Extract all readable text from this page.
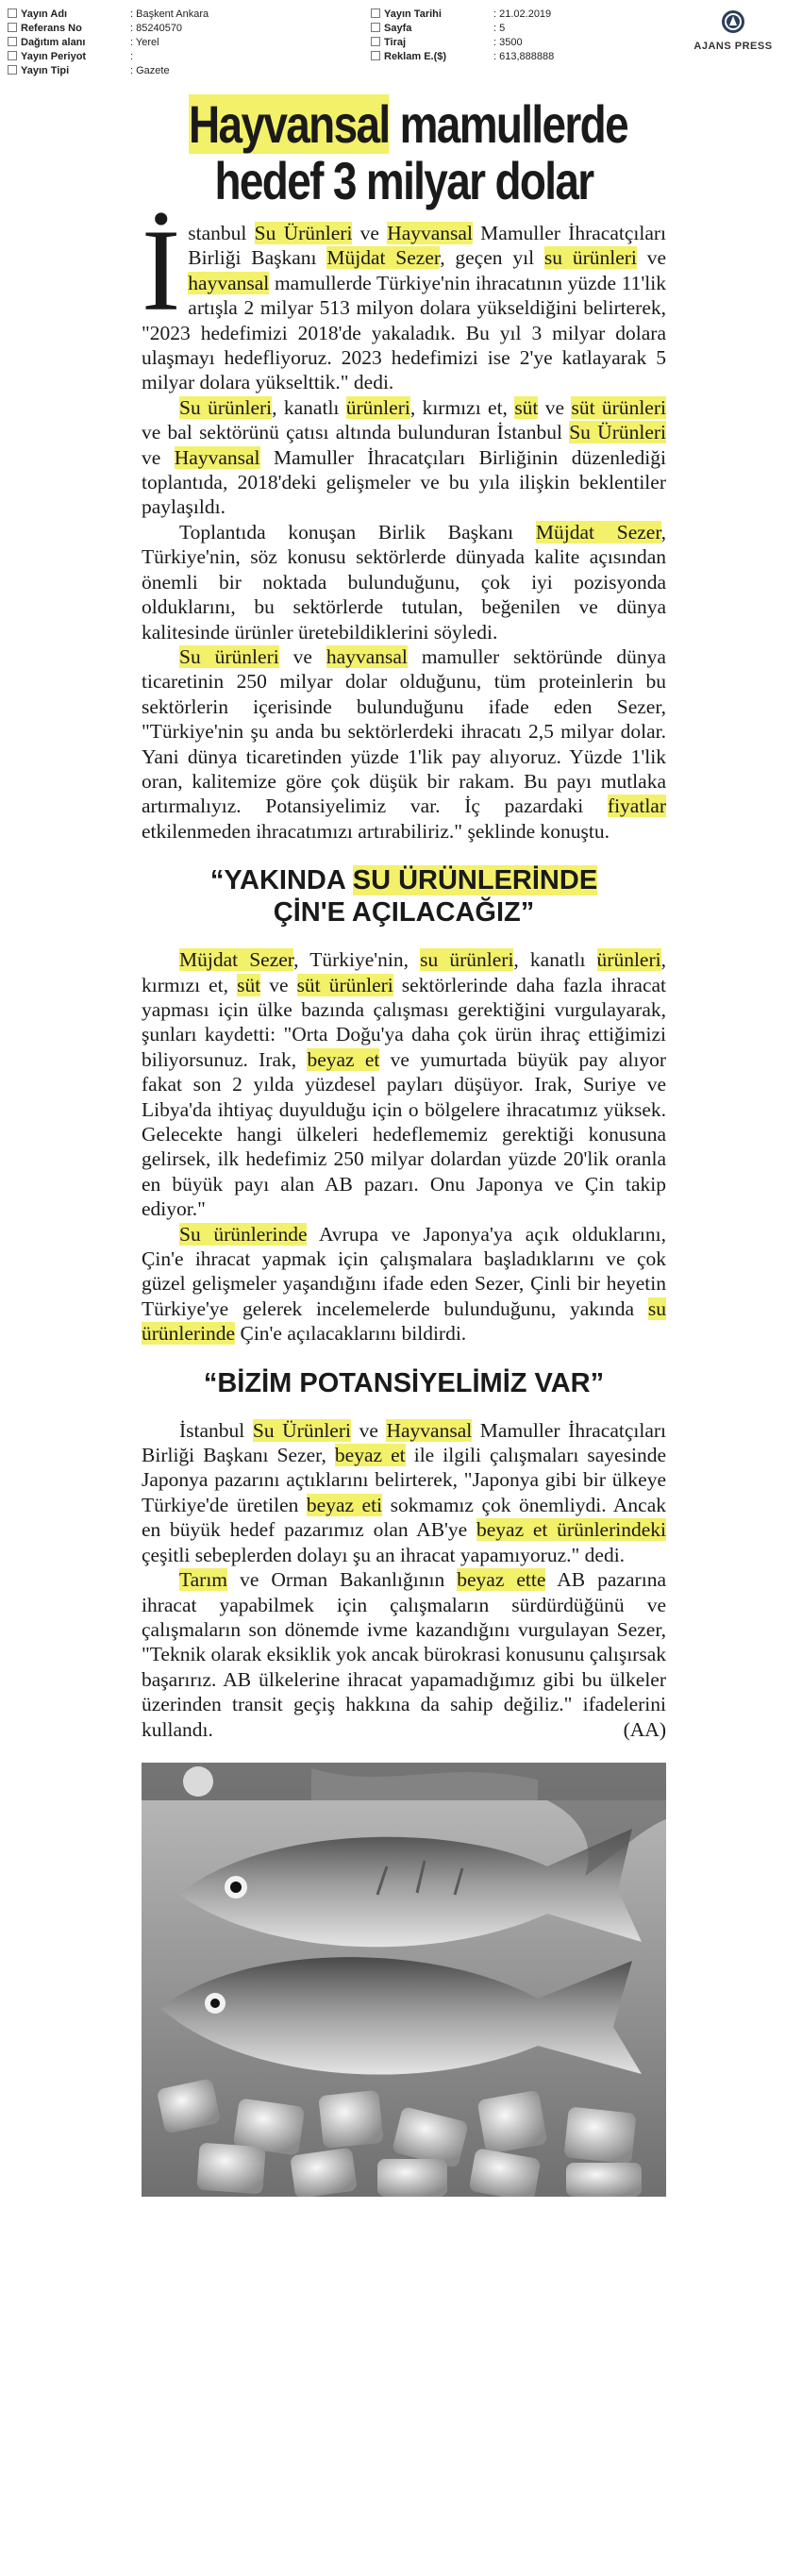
Yayın Adı	: Başkent Ankara
Referans No	: 85240570
Dağıtım alanı	: Yerel
Yayın Periyot	:
Yayın Tipi	: Gazete
Yayın Tarihi	: 21.02.2019
Sayfa	: 5
Tiraj	: 3500
Reklam E.($)	: 613,888888
AJANS PRESS
Hayvansal mamullerde
hedef 3 milyar dolar

İstanbul Su Ürünleri ve Hayvansal Mamuller İhracatçıları Birliği Başkanı Müjdat Sezer, geçen yıl su ürünleri ve hayvansal mamullerde Türkiye'nin ihracatının yüzde 11'lik artışla 2 milyar 513 milyon dolara yükseldiğini belirterek, "2023 hedefimizi 2018'de yakaladık. Bu yıl 3 milyar dolara ulaşmayı hedefliyoruz. 2023 hedefimizi ise 2'ye katlayarak 5 milyar dolara yükselttik." dedi.

Su ürünleri, kanatlı ürünleri, kırmızı et, süt ve süt ürünleri ve bal sektörünü çatısı altında bulunduran İstanbul Su Ürünleri ve Hayvansal Mamuller İhracatçıları Birliğinin düzenlediği toplantıda, 2018'deki gelişmeler ve bu yıla ilişkin beklentiler paylaşıldı.

Toplantıda konuşan Birlik Başkanı Müjdat Sezer, Türkiye'nin, söz konusu sektörlerde dünyada kalite açısından önemli bir noktada bulunduğunu, çok iyi pozisyonda olduklarını, bu sektörlerde tutulan, beğenilen ve dünya kalitesinde ürünler üretebildiklerini söyledi.

Su ürünleri ve hayvansal mamuller sektöründe dünya ticaretinin 250 milyar dolar olduğunu, tüm proteinlerin bu sektörlerin içerisinde bulunduğunu ifade eden Sezer, "Türkiye'nin şu anda bu sektörlerdeki ihracatı 2,5 milyar dolar. Yani dünya ticaretinden yüzde 1'lik pay alıyoruz. Yüzde 1'lik oran, kalitemize göre çok düşük bir rakam. Bu payı mutlaka artırmalıyız. Potansiyelimiz var. İç pazardaki fiyatlar etkilenmeden ihracatımızı artırabiliriz." şeklinde konuştu.

“YAKINDA SU ÜRÜNLERİNDE
ÇİN'E AÇILACAĞIZ”

Müjdat Sezer, Türkiye'nin, su ürünleri, kanatlı ürünleri, kırmızı et, süt ve süt ürünleri sektörlerinde daha fazla ihracat yapması için ülke bazında çalışması gerektiğini vurgulayarak, şunları kaydetti: "Orta Doğu'ya daha çok ürün ihraç ettiğimizi biliyorsunuz. Irak, beyaz et ve yumurtada büyük pay alıyor fakat son 2 yılda yüzdesel payları düşüyor. Irak, Suriye ve Libya'da ihtiyaç duyulduğu için o bölgelere ihracatımız yüksek. Gelecekte hangi ülkeleri hedeflememiz gerektiği konusuna gelirsek, ilk hedefimiz 250 milyar dolardan yüzde 20'lik oranla en büyük payı alan AB pazarı. Onu Japonya ve Çin takip ediyor."

Su ürünlerinde Avrupa ve Japonya'ya açık olduklarını, Çin'e ihracat yapmak için çalışmalara başladıklarını ve çok güzel gelişmeler yaşandığını ifade eden Sezer, Çinli bir heyetin Türkiye'ye gelerek incelemelerde bulunduğunu, yakında su ürünlerinde Çin'e açılacaklarını bildirdi.

“BİZİM POTANSİYELİMİZ VAR”

İstanbul Su Ürünleri ve Hayvansal Mamuller İhracatçıları Birliği Başkanı Sezer, beyaz et ile ilgili çalışmaları sayesinde Japonya pazarını açtıklarını belirterek, "Japonya gibi bir ülkeye Türkiye'de üretilen beyaz eti sokmamız çok önemliydi. Ancak en büyük hedef pazarımız olan AB'ye beyaz et ürünlerindeki çeşitli sebeplerden dolayı şu an ihracat yapamıyoruz." dedi.

Tarım ve Orman Bakanlığının beyaz ette AB pazarına ihracat yapabilmek için çalışmaların sürdürdüğünü ve çalışmaların son dönemde ivme kazandığını vurgulayan Sezer, "Teknik olarak eksiklik yok ancak bürokrasi konusunu çalışırsak başarırız. AB ülkelerine ihracat yapamadığımız gibi bu ülkeler üzerinden transit geçiş hakkına da sahip değiliz." ifadelerini kullandı.	(AA)
